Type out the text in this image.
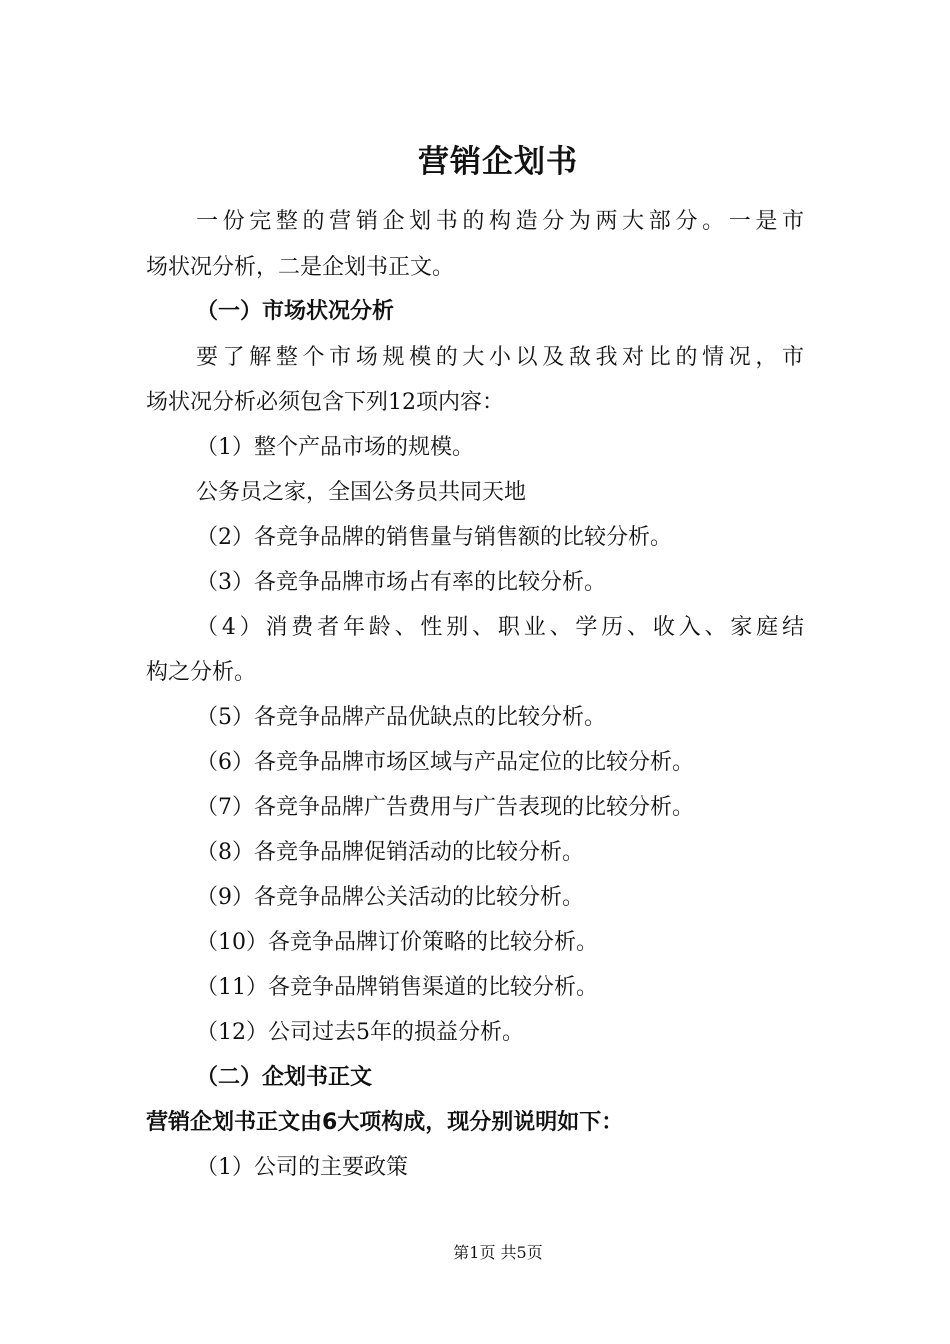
营销企划书
一份完整的营销企划书的构造分为两大部分。一是市
场状况分析，二是企划书正文。
（一）市场状况分析
要了解整个市场规模的大小以及敌我对比的情况，市
场状况分析必须包含下列12项内容：
（1）整个产品市场的规模。
公务员之家，全国公务员共同天地
（2）各竞争品牌的销售量与销售额的比较分析。
（3）各竞争品牌市场占有率的比较分析。
（4）消费者年龄、性别、职业、学历、收入、家庭结
构之分析。
（5）各竞争品牌产品优缺点的比较分析。
（6）各竞争品牌市场区域与产品定位的比较分析。
（7）各竞争品牌广告费用与广告表现的比较分析。
（8）各竞争品牌促销活动的比较分析。
（9）各竞争品牌公关活动的比较分析。
（10）各竞争品牌订价策略的比较分析。
（11）各竞争品牌销售渠道的比较分析。
（12）公司过去5年的损益分析。
（二）企划书正文
营销企划书正文由6大项构成，现分别说明如下：
（1）公司的主要政策
第1页 共5页
